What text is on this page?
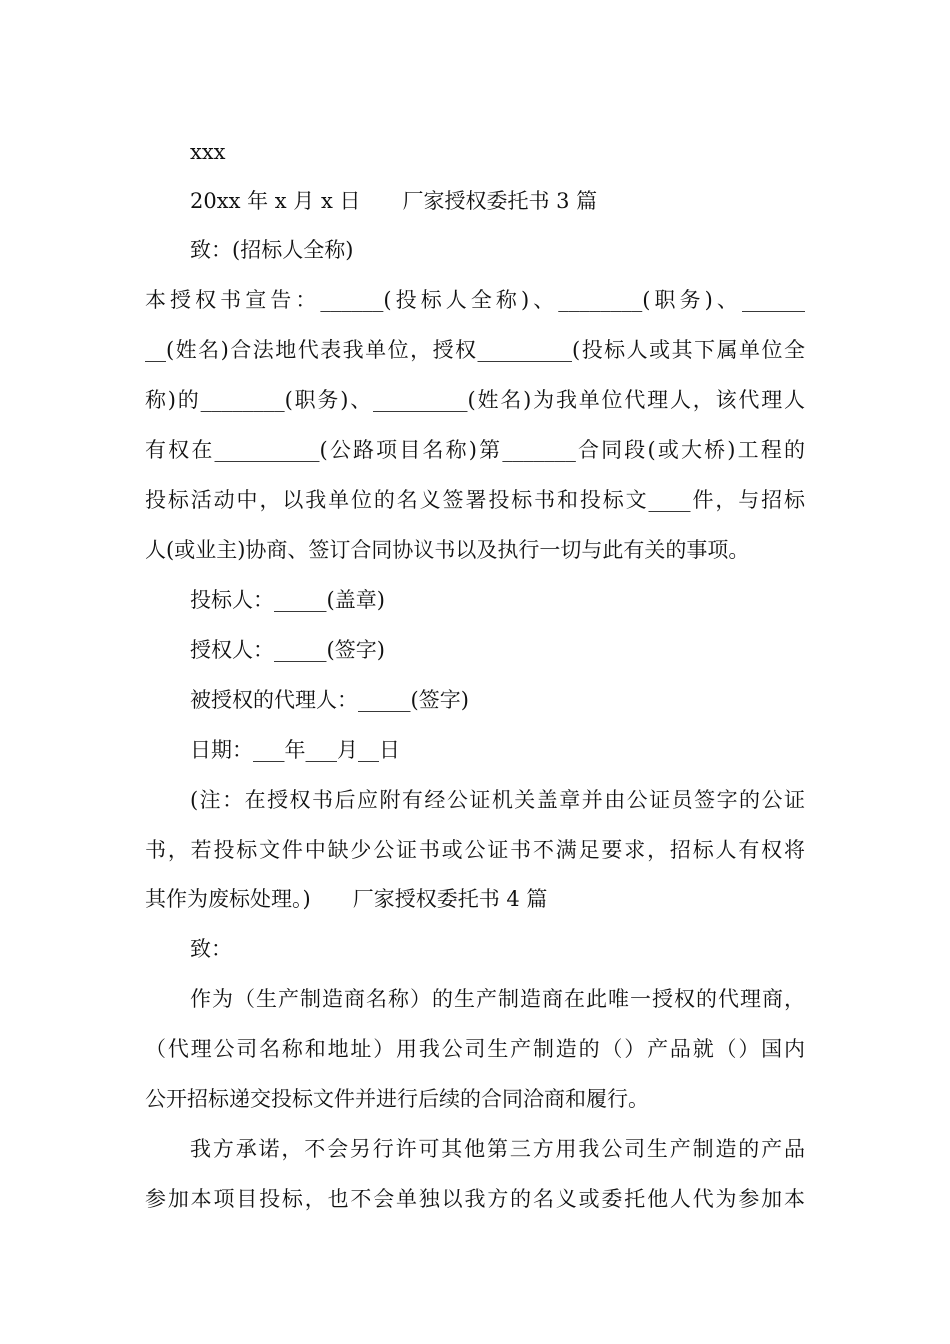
xxx
20xx 年 x 月 x 日　　厂家授权委托书 3 篇
致：(招标人全称)
本授权书宣告：______(投标人全称)、________(职务)、______
__(姓名)合法地代表我单位，授权_________(投标人或其下属单位全
称)的________(职务)、_________(姓名)为我单位代理人，该代理人
有权在__________(公路项目名称)第_______合同段(或大桥)工程的
投标活动中，以我单位的名义签署投标书和投标文____件，与招标
人(或业主)协商、签订合同协议书以及执行一切与此有关的事项。
投标人：_____(盖章)
授权人：_____(签字)
被授权的代理人：_____(签字)
日期：___年___月__日
(注：在授权书后应附有经公证机关盖章并由公证员签字的公证
书，若投标文件中缺少公证书或公证书不满足要求，招标人有权将
其作为废标处理。)　　厂家授权委托书 4 篇
致：
作为（生产制造商名称）的生产制造商在此唯一授权的代理商，
（代理公司名称和地址）用我公司生产制造的（）产品就（）国内
公开招标递交投标文件并进行后续的合同洽商和履行。
我方承诺，不会另行许可其他第三方用我公司生产制造的产品
参加本项目投标，也不会单独以我方的名义或委托他人代为参加本
